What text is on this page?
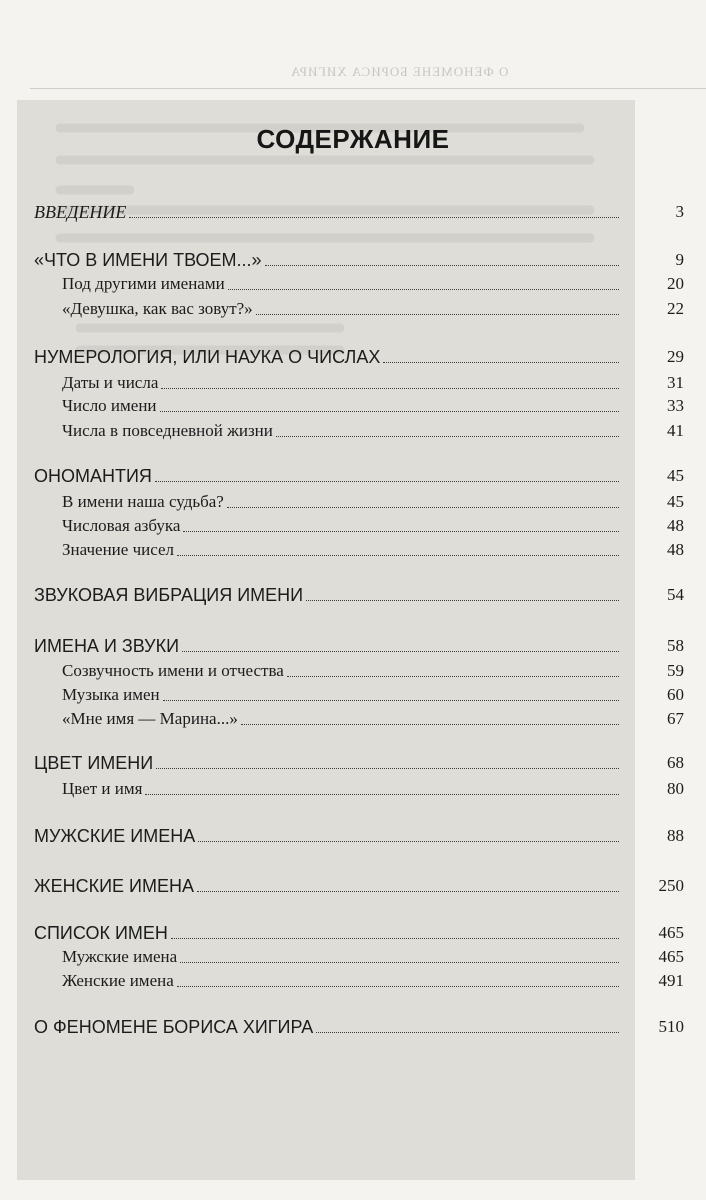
О ФЕНОМЕНЕ БОРИСА ХИГИРА
СОДЕРЖАНИЕ
ВВЕДЕНИЕ	3
«ЧТО В ИМЕНИ ТВОЕМ...»	9
Под другими именами	20
«Девушка, как вас зовут?»	22
НУМЕРОЛОГИЯ, ИЛИ НАУКА О ЧИСЛАХ	29
Даты и числа	31
Число имени	33
Числа в повседневной жизни	41
ОНОМАНТИЯ	45
В имени наша судьба?	45
Числовая азбука	48
Значение чисел	48
ЗВУКОВАЯ ВИБРАЦИЯ ИМЕНИ	54
ИМЕНА И ЗВУКИ	58
Созвучность имени и отчества	59
Музыка имен	60
«Мне имя — Марина...»	67
ЦВЕТ ИМЕНИ	68
Цвет и имя	80
МУЖСКИЕ ИМЕНА	88
ЖЕНСКИЕ ИМЕНА	250
СПИСОК ИМЕН	465
Мужские имена	465
Женские имена	491
О ФЕНОМЕНЕ БОРИСА ХИГИРА	510
